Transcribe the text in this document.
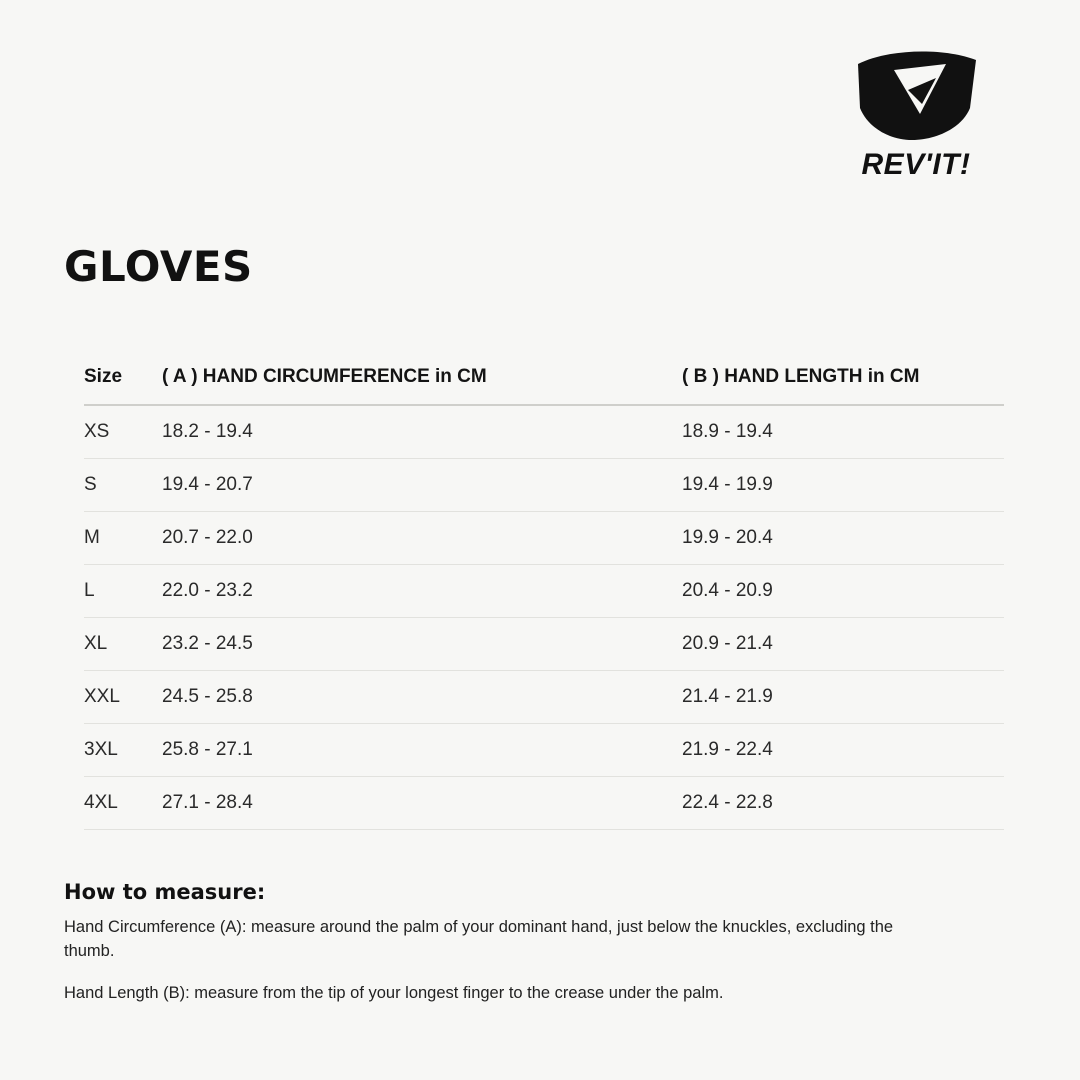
REV'IT!
GLOVES
Size	( A ) HAND CIRCUMFERENCE in CM	( B ) HAND LENGTH in CM
XS	18.2 - 19.4	18.9 - 19.4
S	19.4 - 20.7	19.4 - 19.9
M	20.7 - 22.0	19.9 - 20.4
L	22.0 - 23.2	20.4 - 20.9
XL	23.2 - 24.5	20.9 - 21.4
XXL	24.5 - 25.8	21.4 - 21.9
3XL	25.8 - 27.1	21.9 - 22.4
4XL	27.1 - 28.4	22.4 - 22.8

How to measure:

Hand Circumference (A): measure around the palm of your dominant hand, just below the knuckles, excluding the thumb.

Hand Length (B): measure from the tip of your longest finger to the crease under the palm.
